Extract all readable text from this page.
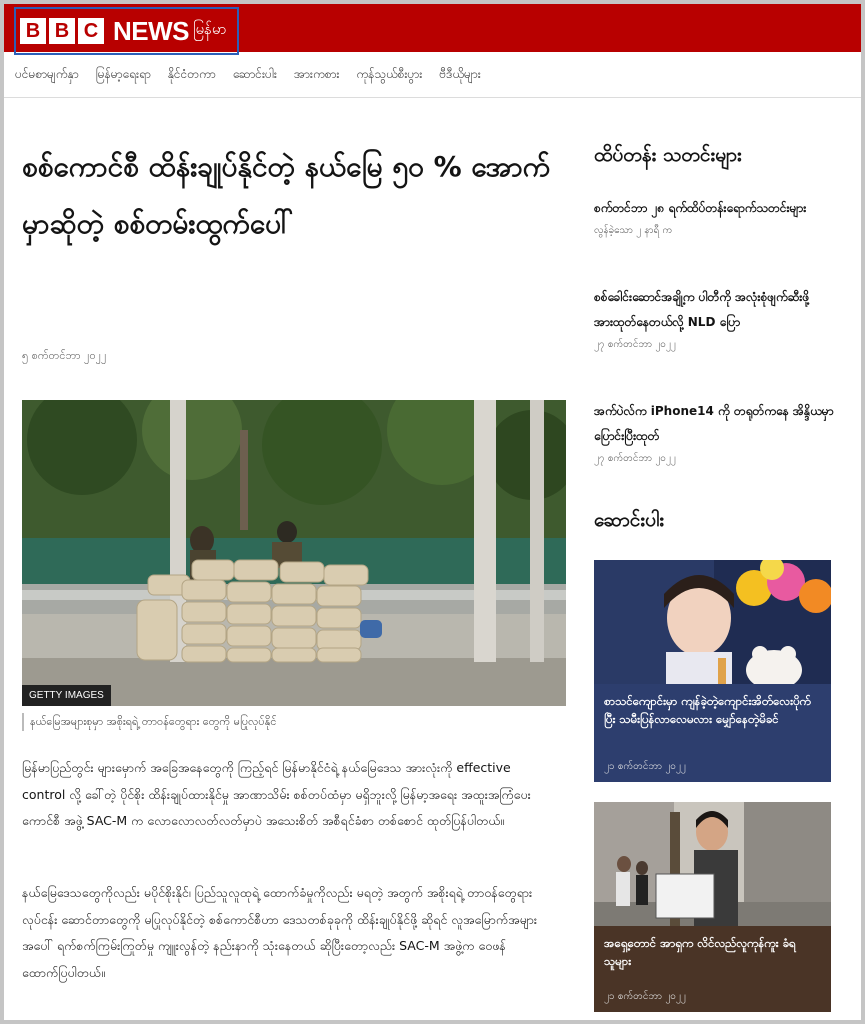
B B C NEWS မြန်မာ
ပင်မစာမျက်နှာ မြန်မာ့ရေးရာ နိုင်ငံတကာ ဆောင်းပါး အားကစား ကုန်သွယ်စီးပွား ဗီဒီယိုများ
စစ်ကောင်စီ ထိန်းချုပ်နိုင်တဲ့ နယ်မြေ ၅၀ % အောက်မှာဆိုတဲ့ စစ်တမ်းထွက်ပေါ်
၅ စက်တင်ဘာ ၂၀၂၂
GETTY IMAGES
နယ်မြေအများစုမှာ အစိုးရရဲ့ တာဝန်တွေရား တွေကို မပြုလုပ်နိုင်

မြန်မာပြည်တွင်း များမှောက် အခြေအနေတွေကို ကြည့်ရင် မြန်မာနိုင်ငံရဲ့ နယ်မြေဒေသ အားလုံးကို effective control လို့ ခေါ်တဲ့ ပိုင်စိုး ထိန်းချုပ်ထားနိုင်မှု အာဏာသိမ်း စစ်တပ်ထံမှာ မရှိဘူးလို့ မြန်မာ့အရေး အထူးအကြံပေး ကောင်စီ အဖွဲ့ SAC-M က လောလောလတ်လတ်မှာပဲ အသေးစိတ် အစီရင်ခံစာ တစ်စောင် ထုတ်ပြန်ပါတယ်။

နယ်မြေဒေသတွေကိုလည်း မပိုင်စိုးနိုင်၊ ပြည်သူလူထုရဲ့ ထောက်ခံမှုကိုလည်း မရတဲ့ အတွက် အစိုးရရဲ့ တာဝန်တွေရား လုပ်ငန်း ဆောင်တာတွေကို မပြုလုပ်နိုင်တဲ့ စစ်ကောင်စီဟာ ဒေသတစ်ခုခုကို ထိန်းချုပ်နိုင်ဖို့ ဆိုရင် လူအမြောက်အများ အပေါ် ရက်စက်ကြမ်းကြုတ်မှု ကျူးလွန်တဲ့ နည်းနာကို သုံးနေတယ် ဆိုပြီးတော့လည်း SAC-M အဖွဲ့က ဝေဖန် ထောက်ပြပါတယ်။

ထိပ်တန်း သတင်းများ
စက်တင်ဘာ ၂၈ ရက်ထိပ်တန်းရောက်သတင်းများ
လွန်ခဲ့သော ၂ နာရီ က
စစ်ခေါင်းဆောင်အချို့က ပါတီကို အလုံးစုံဖျက်ဆီးဖို့ အားထုတ်နေတယ်လို့ NLD ပြော
၂၇ စက်တင်ဘာ ၂၀၂၂
အက်ပဲလ်က iPhone14 ကို တရုတ်ကနေ အိန္ဒိယမှာ ပြောင်းပြီးထုတ်
၂၇ စက်တင်ဘာ ၂၀၂၂
ဆောင်းပါး
စာသင်ကျောင်းမှာ ကျန်ခဲ့တဲ့ကျောင်းအိတ်လေးပိုက်ပြီး သမီးပြန်လာလေမလား မျှော်နေတဲ့မိခင်
၂၁ စက်တင်ဘာ ၂၀၂၂
အရှေ့တောင် အာရှက လိင်လည်လူကုန်ကူး ခံရသူများ
၂၁ စက်တင်ဘာ ၂၀၂၂
